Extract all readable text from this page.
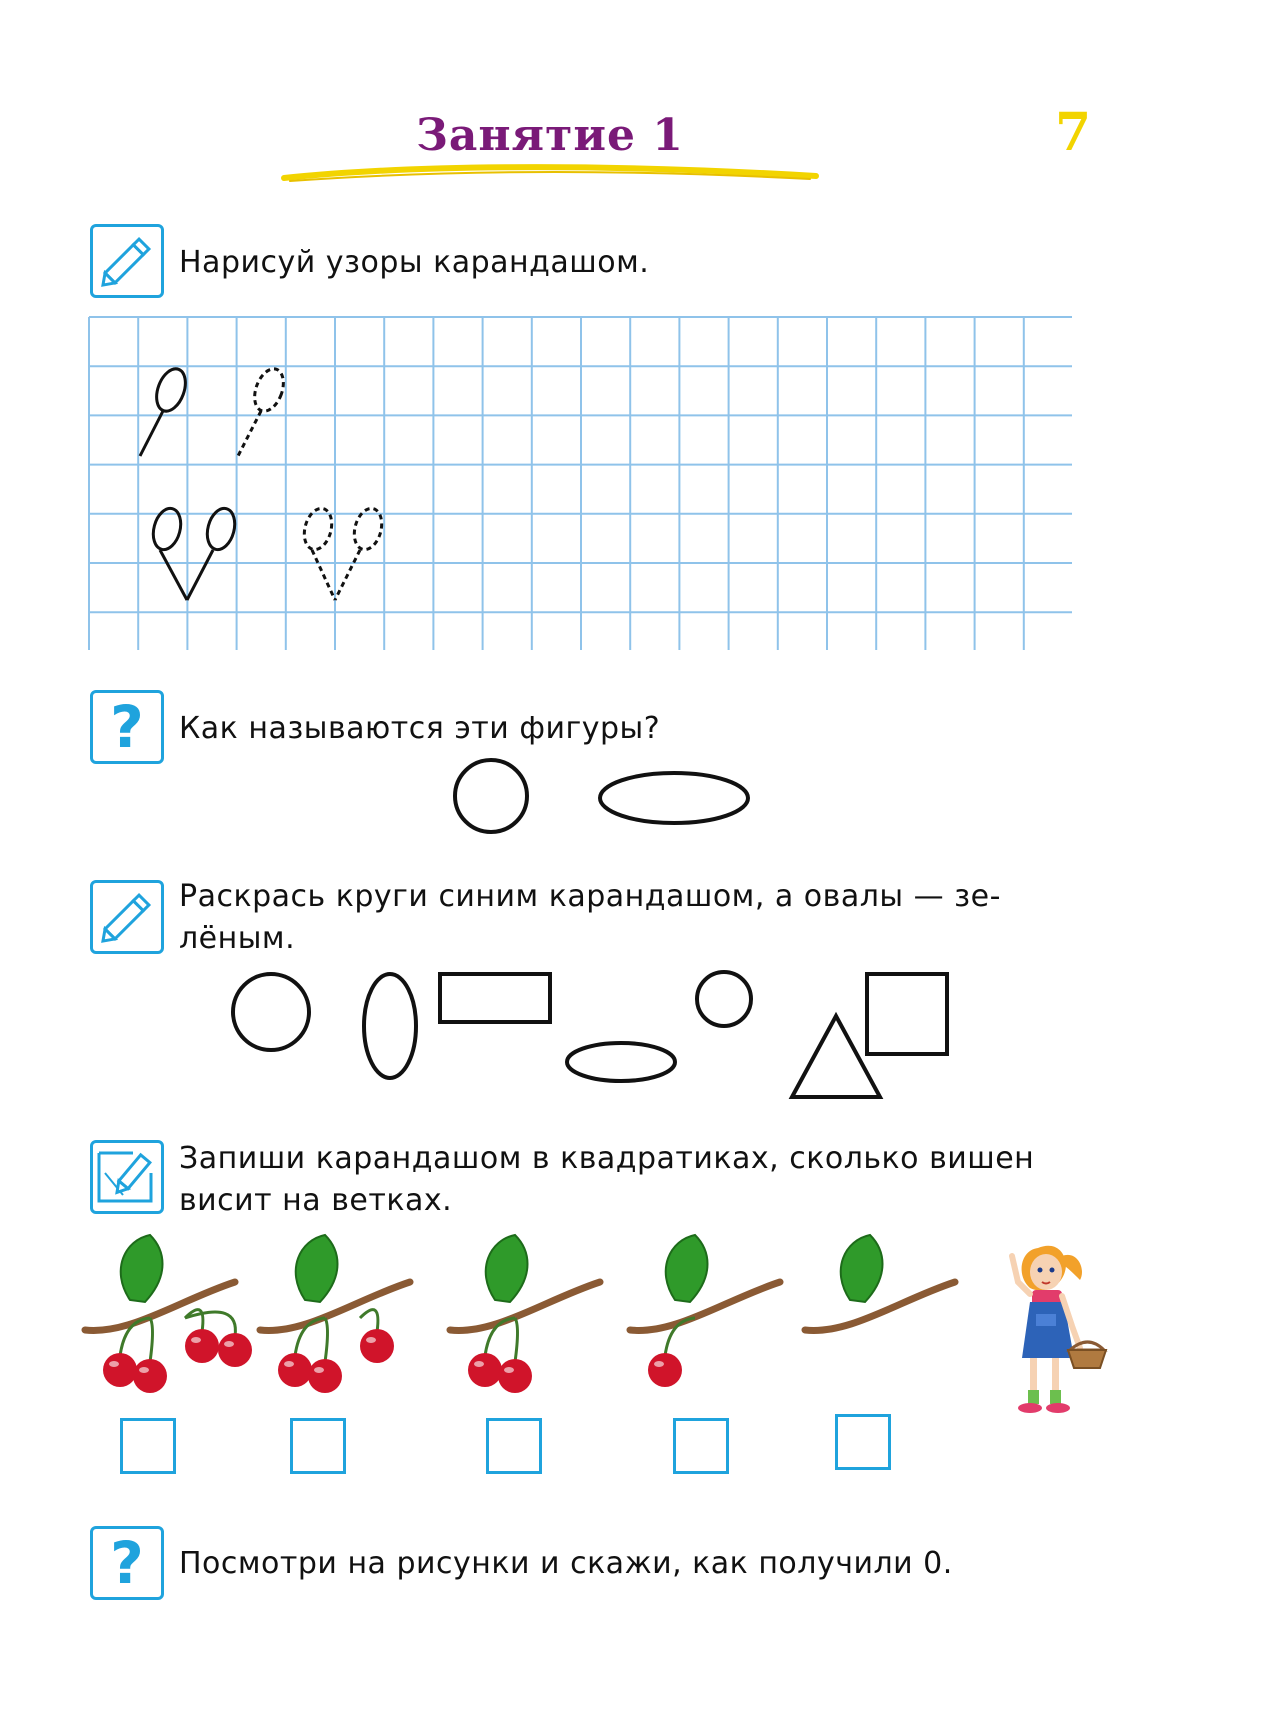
Занятие 1	7
Нарисуй узоры карандашом.
?	Как называются эти фигуры?
Раскрась круги синим карандашом, а овалы — зе-
лёным.
Запиши карандашом в квадратиках, сколько вишен
висит на ветках.
?	Посмотри на рисунки и скажи, как получили 0.
